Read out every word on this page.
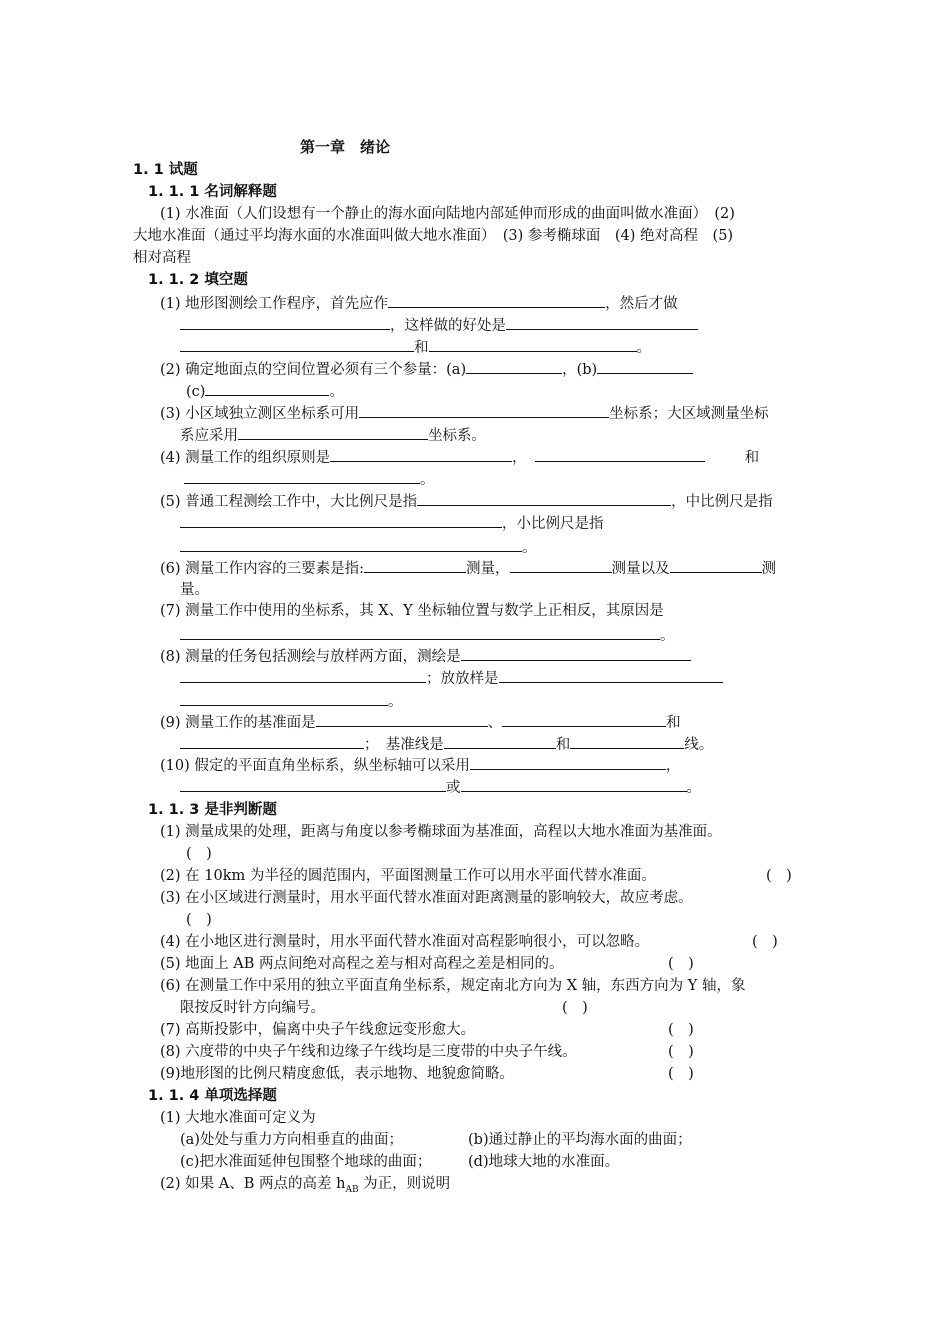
第一章　绪论
1. 1 试题
1. 1. 1 名词解释题
(1) 水准面（人们设想有一个静止的海水面向陆地内部延伸而形成的曲面叫做水准面）　(2)
大地水准面（通过平均海水面的水准面叫做大地水准面）　(3) 参考椭球面　(4) 绝对高程　(5)
相对高程
1. 1. 2 填空题
(1) 地形图测绘工作程序，首先应作	，然后才做
，这样做的好处是
和	。
(2) 确定地面点的空间位置必须有三个参量：(a)	，(b)
(c)	。
(3) 小区域独立测区坐标系可用	坐标系；大区域测量坐标
系应采用	坐标系。
(4) 测量工作的组织原则是	，	和
。
(5) 普通工程测绘工作中，大比例尺是指	，中比例尺是指
，小比例尺是指
。
(6) 测量工作内容的三要素是指:	测量，	测量以及	测
量。
(7) 测量工作中使用的坐标系，其 X、Y 坐标轴位置与数学上正相反，其原因是
。
(8) 测量的任务包括测绘与放样两方面，测绘是
；放放样是
。
(9) 测量工作的基准面是	、	和
；　基准线是	和	线。
(10) 假定的平面直角坐标系，纵坐标轴可以采用	，
或	。
1. 1. 3 是非判断题
(1) 测量成果的处理，距离与角度以参考椭球面为基准面，高程以大地水准面为基准面。
(　)
(2) 在 10km 为半径的圆范围内，平面图测量工作可以用水平面代替水准面。	(　)
(3) 在小区域进行测量时，用水平面代替水准面对距离测量的影响较大，故应考虑。
(　)
(4) 在小地区进行测量时，用水平面代替水准面对高程影响很小，可以忽略。	(　)
(5) 地面上 AB 两点间绝对高程之差与相对高程之差是相同的。	(　)
(6) 在测量工作中采用的独立平面直角坐标系，规定南北方向为 X 轴，东西方向为 Y 轴，象
限按反时针方向编号。	(　)
(7) 高斯投影中，偏离中央子午线愈远变形愈大。	(　)
(8) 六度带的中央子午线和边缘子午线均是三度带的中央子午线。	(　)
(9)地形图的比例尺精度愈低，表示地物、地貌愈简略。	(　)
1. 1. 4 单项选择题
(1) 大地水准面可定义为
(a)处处与重力方向相垂直的曲面；	(b)通过静止的平均海水面的曲面；
(c)把水准面延伸包围整个地球的曲面；	(d)地球大地的水准面。
(2) 如果 A、B 两点的高差 $h_{AB}$ 为正，则说明
